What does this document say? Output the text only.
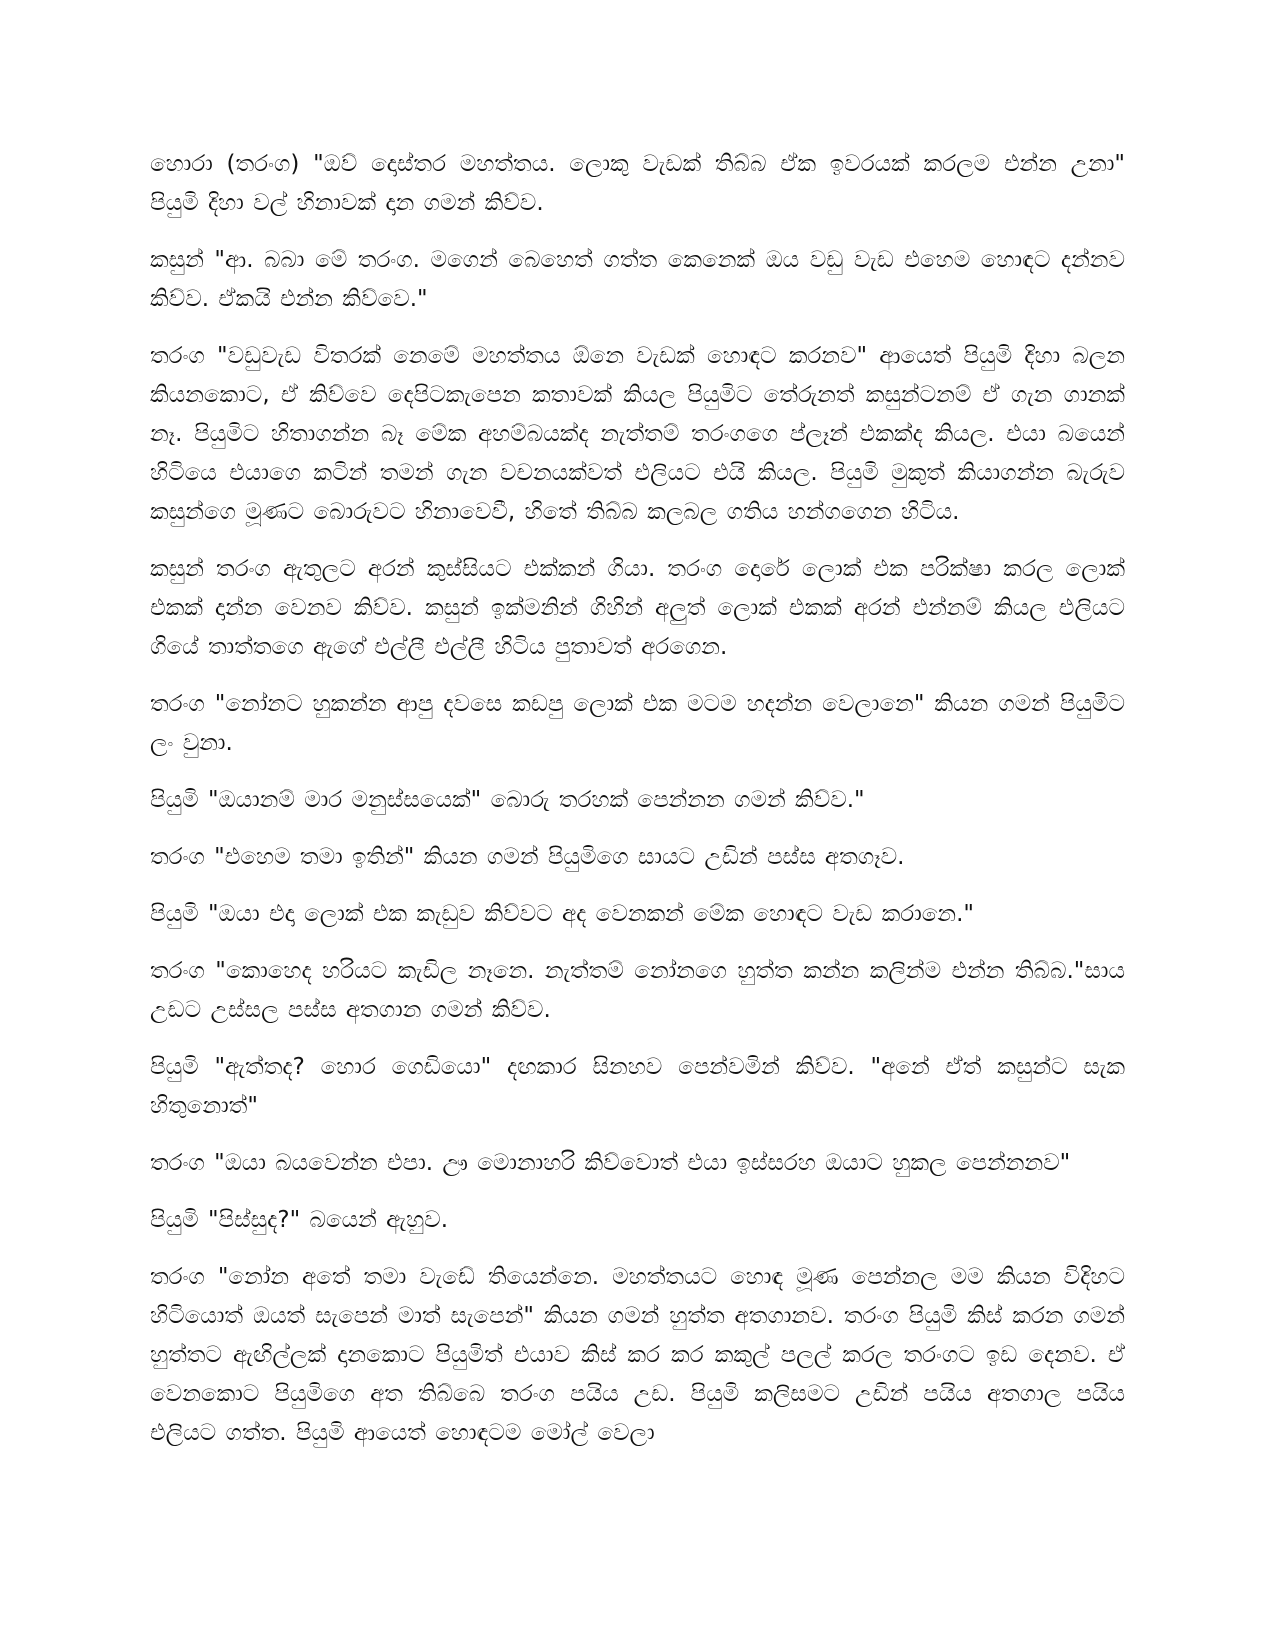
හොරා (තරංග) "ඔව් දොස්තර මහත්තය. ලොකු වැඩක් තිබ්බ ඒක ඉවරයක් කරලම එන්න උනා" පියුමි දිහා වල් හිනාවක් දාන ගමන් කිව්ව.

කසුන් "ආ. බබා මේ තරංග. මගෙන් බෙහෙත් ගත්ත කෙනෙක් ඔය වඩු වැඩ එහෙම හොඳට දන්නව කිව්ව. ඒකයි එන්න කිව්වෙ."

තරංග "වඩුවැඩ විතරක් නෙමේ මහත්තය ඕනෙ වැඩක් හොඳට කරනව" ආයෙත් පියුමි දිහා බලන කියනකොට, ඒ කිව්වෙ දෙපිටකැපෙන කතාවක් කියල පියුමිට තේරුනත් කසුන්ටනම් ඒ ගැන ගානක් නෑ. පියුමිට හිතාගන්න බෑ මේක අහම්බයක්ද නැත්තම් තරංගගෙ ප්ලෑන් එකක්ද කියල. එයා බයෙන් හිටියෙ එයාගෙ කටින් තමන් ගැන වචනයක්වත් එලියට එයි කියල. පියුමි මුකුත් කියාගන්න බැරුව කසුන්ගෙ මූණට බොරුවට හිනාවෙවී, හිතේ තිබ්බ කලබල ගතිය හන්ගගෙන හිටිය.

කසුන් තරංග ඇතුලට අරන් කුස්සියට එක්කන් ගියා. තරංග දොරේ ලොක් එක පරික්ෂා කරල ලොක් එකක් දාන්න වෙනව කිව්ව. කසුන් ඉක්මනින් ගිහින් අලුත් ලොක් එකක් අරන් එන්නම් කියල එලියට ගියේ තාත්තගෙ ඇගේ එල්ලී එල්ලී හිටිය පුතාවත් අරගෙන.

තරංග "නෝනට හුකන්න ආපු දවසෙ කඩපු ලොක් එක මටම හදන්න වෙලානෙ" කියන ගමන් පියුමිට ලං වුනා.

පියුමි "ඔයානම් මාර මනුස්සයෙක්" බොරු තරහක් පෙන්නන ගමන් කිව්ව."

තරංග "එහෙම තමා ඉතින්" කියන ගමන් පියුමිගෙ සායට උඩින් පස්ස අතගෑව.

පියුමි "ඔයා එදා ලොක් එක කැඩුව කිව්වට අද වෙනකන් මේක හොඳට වැඩ කරානෙ."

තරංග "කොහෙද හරියට කැඩිල නෑනෙ. නැත්තම් නෝනගෙ හුත්ත කන්න කලින්ම එන්න තිබ්බ."සාය උඩට උස්සල පස්ස අතගාන ගමන් කිව්ව.

පියුමි "ඇත්තද? හොර ගෙඩියො" දඟකාර සිනහව පෙන්වමින් කිව්ව. "අනේ ඒත් කසුන්ට සැක හිතුනොත්"

තරංග "ඔයා බයවෙන්න එපා. ඌ මොනාහරි කිව්වොත් එයා ඉස්සරහ ඔයාට හුකල පෙන්නනව"

පියුමි "පිස්සුද?" බයෙන් ඇහුව.

තරංග "නෝන අතේ තමා වැඩේ තියෙන්නෙ. මහත්තයට හොඳ මූණ පෙන්නල මම කියන විදිහට හිටියොත් ඔයත් සැපෙන් මාත් සැපෙන්" කියන ගමන් හුත්ත අතගානව. තරංග පියුමි කිස් කරන ගමන් හුත්තට ඇඟිල්ලක් දානකොට පියුමිත් එයාව කිස් කර කර කකුල් පලල් කරල තරංගට ඉඩ දෙනව. ඒ වෙනකොට පියුමිගෙ අත තිබ්බෙ තරංග පයිය උඩ. පියුමි කලිසමට උඩින් පයිය අතගාල පයිය එලියට ගත්ත. පියුමි ආයෙත් හොඳටම මෝල් වෙලා
